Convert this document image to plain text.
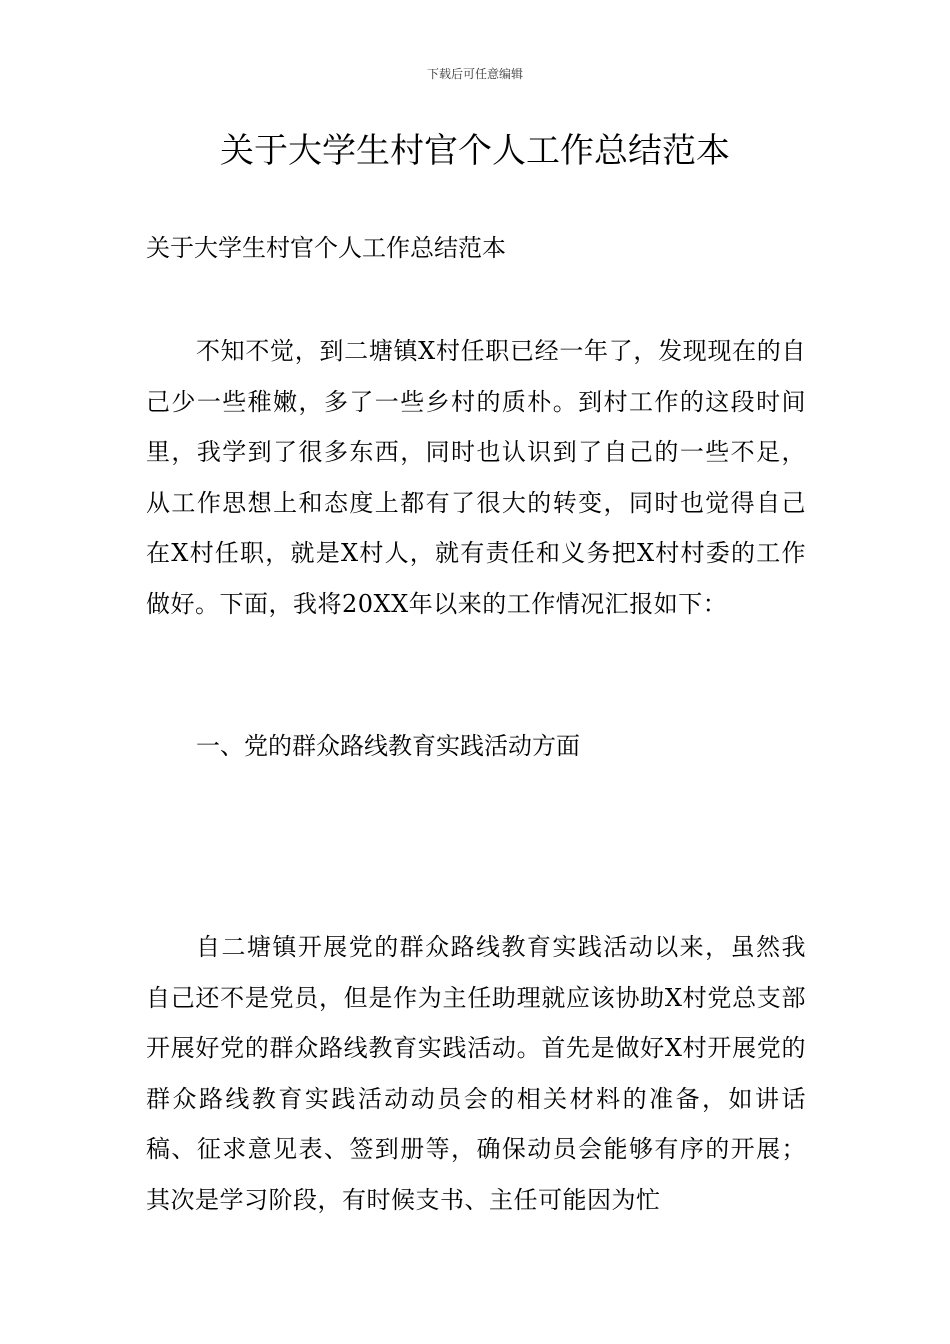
下载后可任意编辑
关于大学生村官个人工作总结范本

关于大学生村官个人工作总结范本

不知不觉，到二塘镇X村任职已经一年了，发现现在的自己少一些稚嫩，多了一些乡村的质朴。到村工作的这段时间里，我学到了很多东西，同时也认识到了自己的一些不足，从工作思想上和态度上都有了很大的转变，同时也觉得自己在X村任职，就是X村人，就有责任和义务把X村村委的工作做好。下面，我将20XX年以来的工作情况汇报如下：

一、党的群众路线教育实践活动方面

自二塘镇开展党的群众路线教育实践活动以来，虽然我自己还不是党员，但是作为主任助理就应该协助X村党总支部开展好党的群众路线教育实践活动。首先是做好X村开展党的群众路线教育实践活动动员会的相关材料的准备，如讲话稿、征求意见表、签到册等，确保动员会能够有序的开展；其次是学习阶段，有时候支书、主任可能因为忙
